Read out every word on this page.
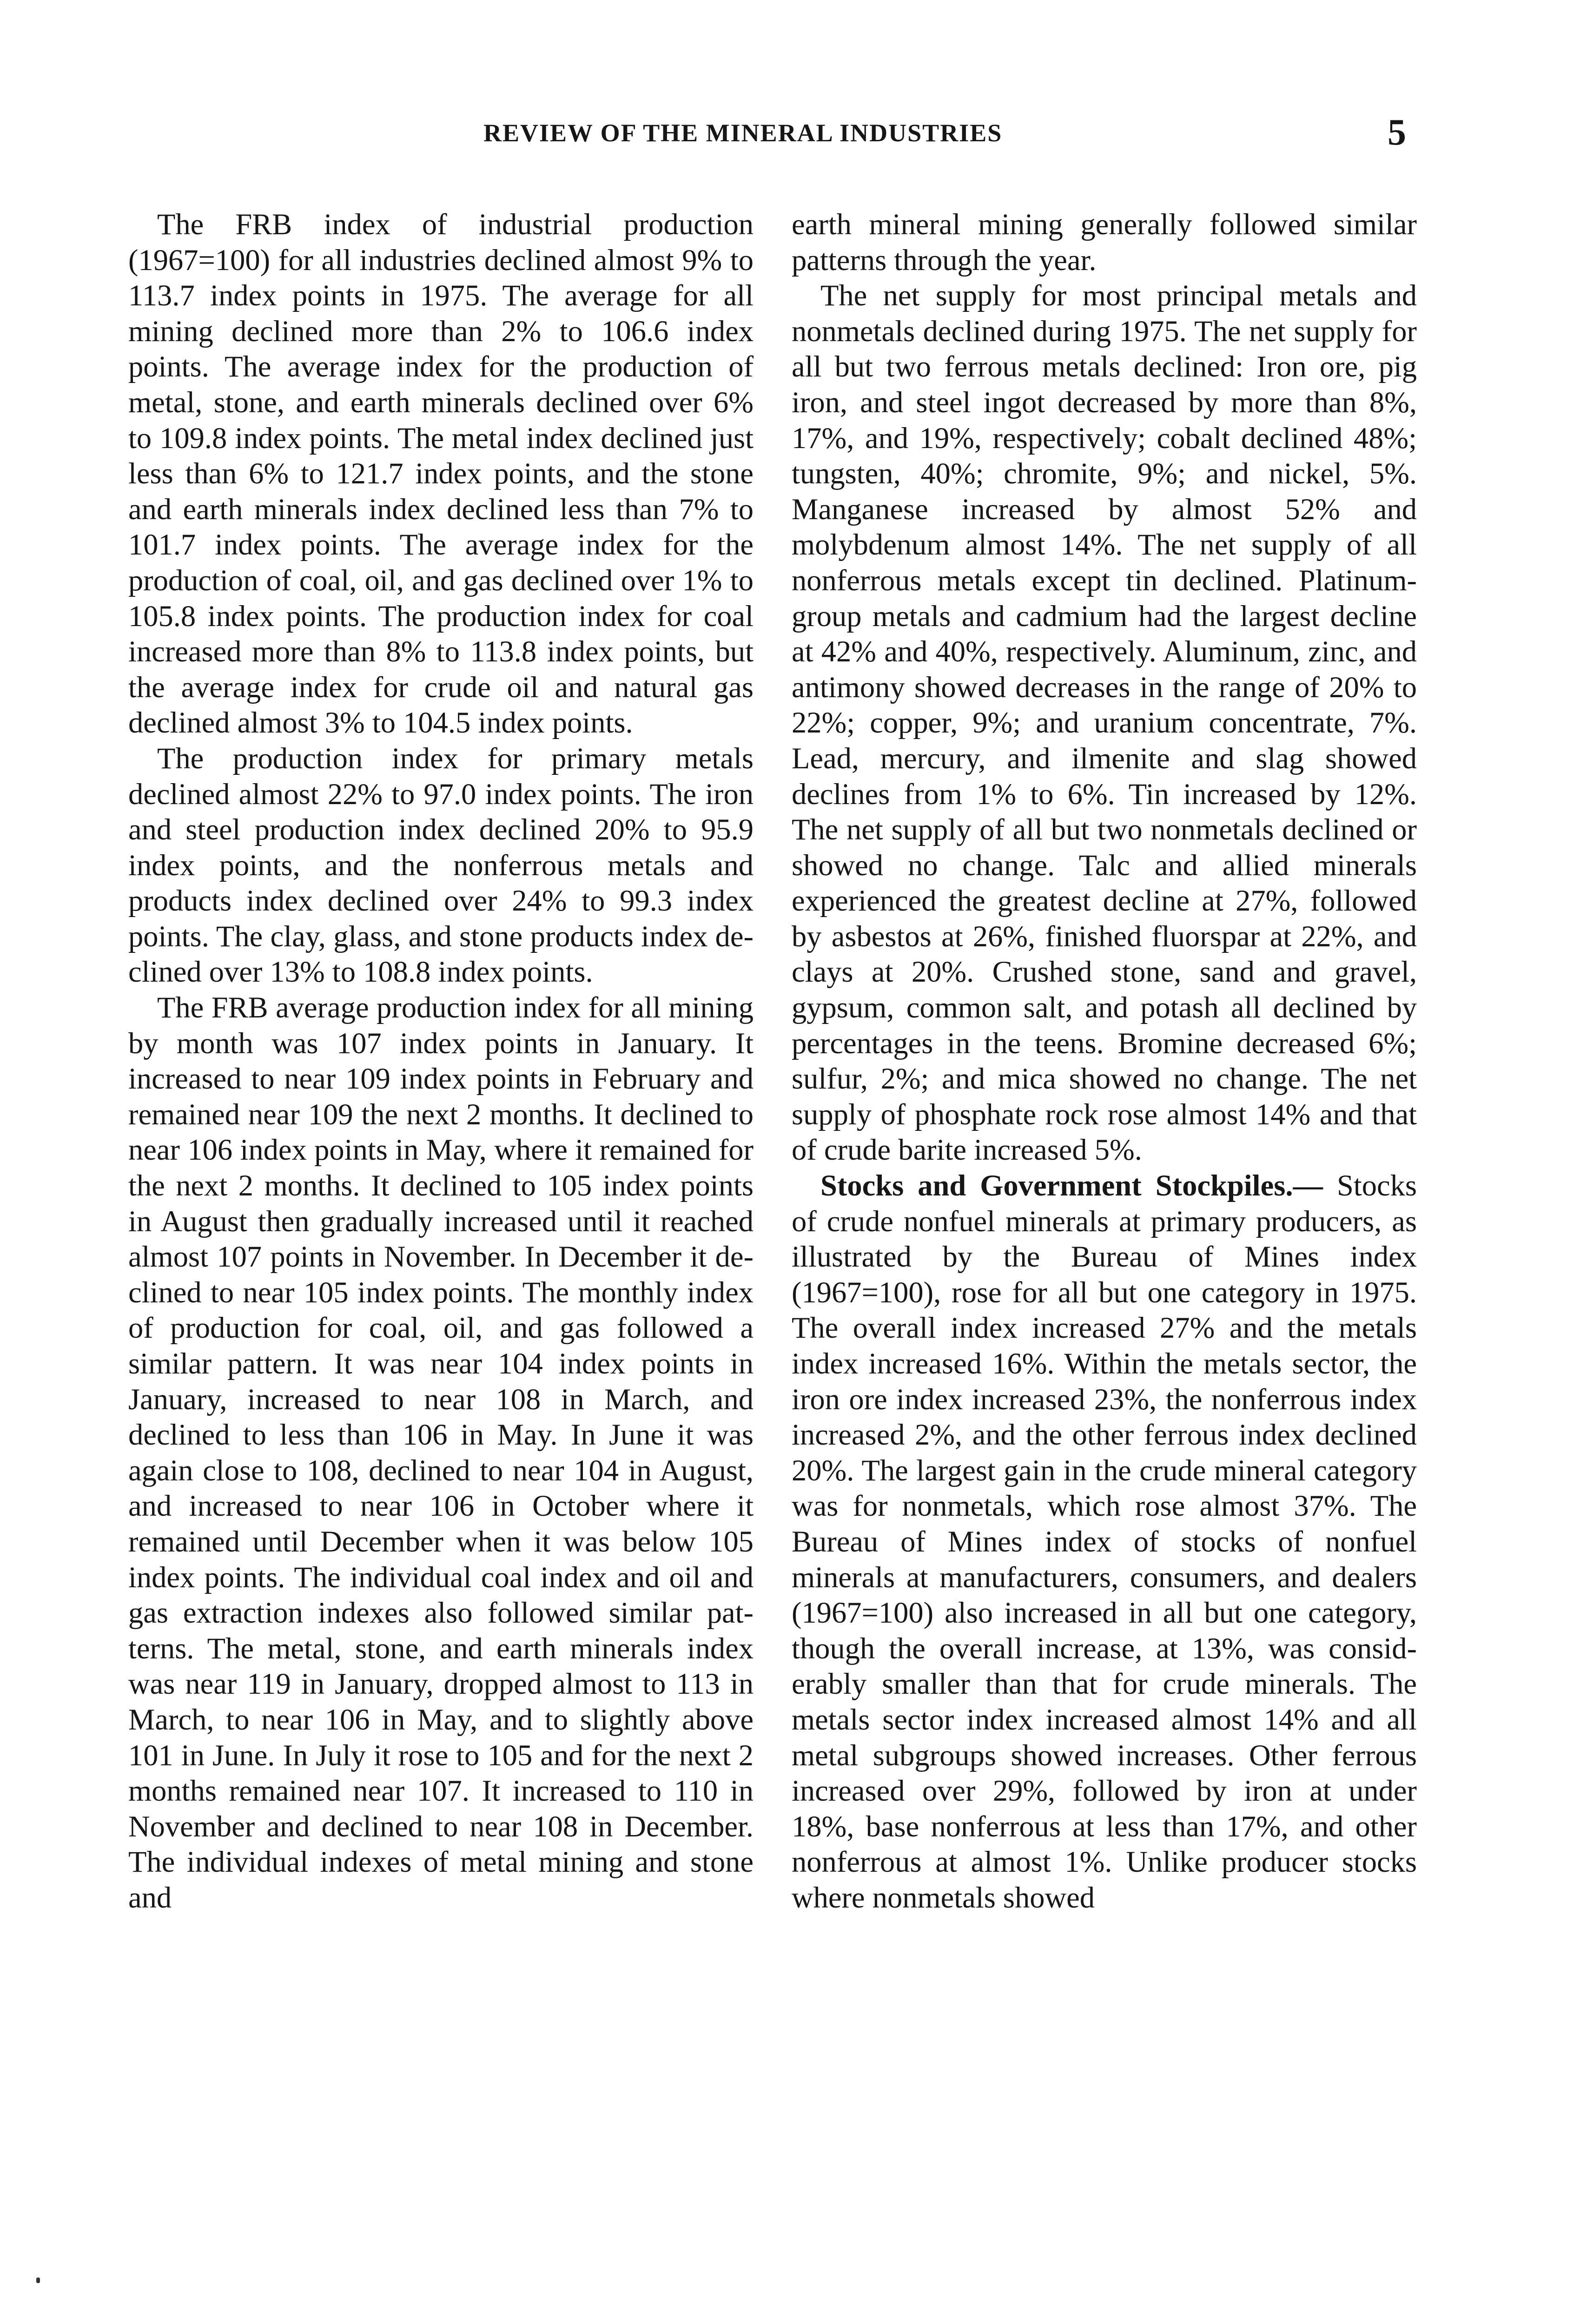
REVIEW OF THE MINERAL INDUSTRIES	5

The FRB index of industrial production (1967=100) for all industries declined almost 9% to 113.7 index points in 1975. The average for all mining declined more than 2% to 106.6 index points. The average index for the production of metal, stone, and earth minerals declined over 6% to 109.8 index points. The metal index declined just less than 6% to 121.7 index points, and the stone and earth minerals index declined less than 7% to 101.7 index points. The average index for the production of coal, oil, and gas declined over 1% to 105.8 index points. The production index for coal increased more than 8% to 113.8 index points, but the average index for crude oil and natural gas declined almost 3% to 104.5 index points.

The production index for primary metals declined almost 22% to 97.0 index points. The iron and steel production index declined 20% to 95.9 index points, and the nonferrous metals and products index declined over 24% to 99.3 index points. The clay, glass, and stone products index declined over 13% to 108.8 index points.

The FRB average production index for all mining by month was 107 index points in January. It increased to near 109 index points in February and remained near 109 the next 2 months. It declined to near 106 index points in May, where it remained for the next 2 months. It declined to 105 index points in August then gradually increased until it reached almost 107 points in November. In December it declined to near 105 index points. The monthly index of production for coal, oil, and gas followed a similar pattern. It was near 104 index points in January, increased to near 108 in March, and declined to less than 106 in May. In June it was again close to 108, declined to near 104 in August, and increased to near 106 in October where it remained until December when it was below 105 index points. The individual coal index and oil and gas extraction indexes also followed similar patterns. The metal, stone, and earth minerals index was near 119 in January, dropped almost to 113 in March, to near 106 in May, and to slightly above 101 in June. In July it rose to 105 and for the next 2 months remained near 107. It increased to 110 in November and declined to near 108 in December. The individual indexes of metal mining and stone and

earth mineral mining generally followed similar patterns through the year.

The net supply for most principal metals and nonmetals declined during 1975. The net supply for all but two ferrous metals declined: Iron ore, pig iron, and steel ingot decreased by more than 8%, 17%, and 19%, respectively; cobalt declined 48%; tungsten, 40%; chromite, 9%; and nickel, 5%. Manganese increased by almost 52% and molybdenum almost 14%. The net supply of all nonferrous metals except tin declined. Platinum-group metals and cadmium had the largest decline at 42% and 40%, respectively. Aluminum, zinc, and antimony showed decreases in the range of 20% to 22%; copper, 9%; and uranium concentrate, 7%. Lead, mercury, and ilmenite and slag showed declines from 1% to 6%. Tin increased by 12%. The net supply of all but two nonmetals declined or showed no change. Talc and allied minerals experienced the greatest decline at 27%, followed by asbestos at 26%, finished fluorspar at 22%, and clays at 20%. Crushed stone, sand and gravel, gypsum, common salt, and potash all declined by percentages in the teens. Bromine decreased 6%; sulfur, 2%; and mica showed no change. The net supply of phosphate rock rose almost 14% and that of crude barite increased 5%.

Stocks and Government Stockpiles.— Stocks of crude nonfuel minerals at primary producers, as illustrated by the Bureau of Mines index (1967=100), rose for all but one category in 1975. The overall index increased 27% and the metals index increased 16%. Within the metals sector, the iron ore index increased 23%, the nonferrous index increased 2%, and the other ferrous index declined 20%. The largest gain in the crude mineral category was for nonmetals, which rose almost 37%. The Bureau of Mines index of stocks of nonfuel minerals at manufacturers, consumers, and dealers (1967=100) also increased in all but one category, though the overall increase, at 13%, was considerably smaller than that for crude minerals. The metals sector index increased almost 14% and all metal subgroups showed increases. Other ferrous increased over 29%, followed by iron at under 18%, base nonferrous at less than 17%, and other nonferrous at almost 1%. Unlike producer stocks where nonmetals showed
